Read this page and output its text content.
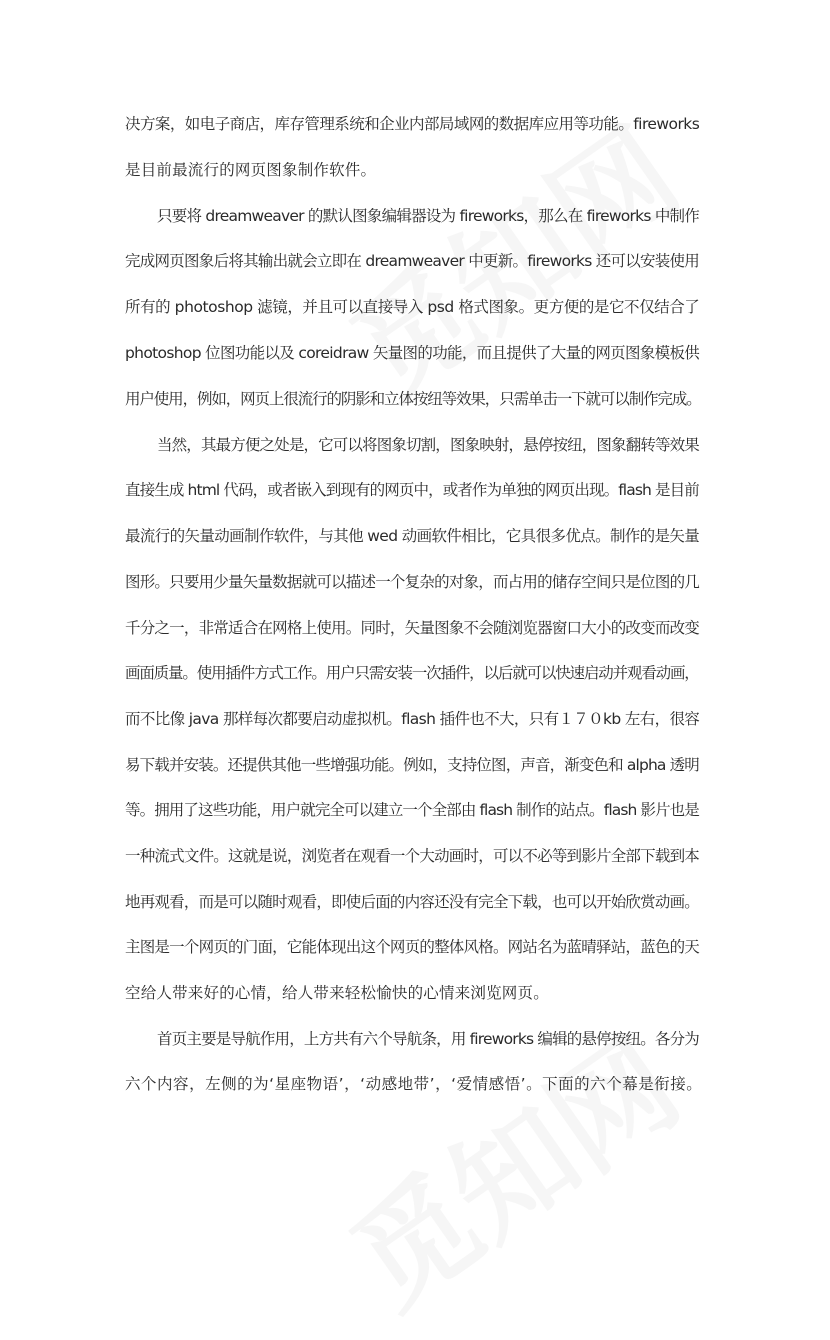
决方案，如电子商店，库存管理系统和企业内部局域网的数据库应用等功能。fireworks
是目前最流行的网页图象制作软件。
只要将 dreamweaver 的默认图象编辑器设为 fireworks，那么在 fireworks 中制作
完成网页图象后将其输出就会立即在 dreamweaver 中更新。fireworks 还可以安装使用
所有的 photoshop 滤镜，并且可以直接导入 psd 格式图象。更方便的是它不仅结合了
photoshop 位图功能以及 coreidraw 矢量图的功能，而且提供了大量的网页图象模板供
用户使用，例如，网页上很流行的阴影和立体按纽等效果，只需单击一下就可以制作完成。
当然，其最方便之处是，它可以将图象切割，图象映射，悬停按纽，图象翻转等效果
直接生成 html 代码，或者嵌入到现有的网页中，或者作为单独的网页出现。flash 是目前
最流行的矢量动画制作软件，与其他 wed 动画软件相比，它具很多优点。制作的是矢量
图形。只要用少量矢量数据就可以描述一个复杂的对象，而占用的储存空间只是位图的几
千分之一，非常适合在网格上使用。同时，矢量图象不会随浏览器窗口大小的改变而改变
画面质量。使用插件方式工作。用户只需安装一次插件，以后就可以快速启动并观看动画，
而不比像 java 那样每次都要启动虚拟机。flash 插件也不大，只有１７０kb 左右，很容
易下载并安装。还提供其他一些增强功能。例如，支持位图，声音，渐变色和 alpha 透明
等。拥用了这些功能，用户就完全可以建立一个全部由 flash 制作的站点。flash 影片也是
一种流式文件。这就是说，浏览者在观看一个大动画时，可以不必等到影片全部下载到本
地再观看，而是可以随时观看，即使后面的内容还没有完全下载，也可以开始欣赏动画。
主图是一个网页的门面，它能体现出这个网页的整体风格。网站名为蓝晴驿站，蓝色的天
空给人带来好的心情，给人带来轻松愉快的心情来浏览网页。
首页主要是导航作用，上方共有六个导航条，用 fireworks 编辑的悬停按纽。各分为
六个内容，左侧的为‘星座物语’，‘动感地带’，‘爱情感悟’。下面的六个幕是衔接。
